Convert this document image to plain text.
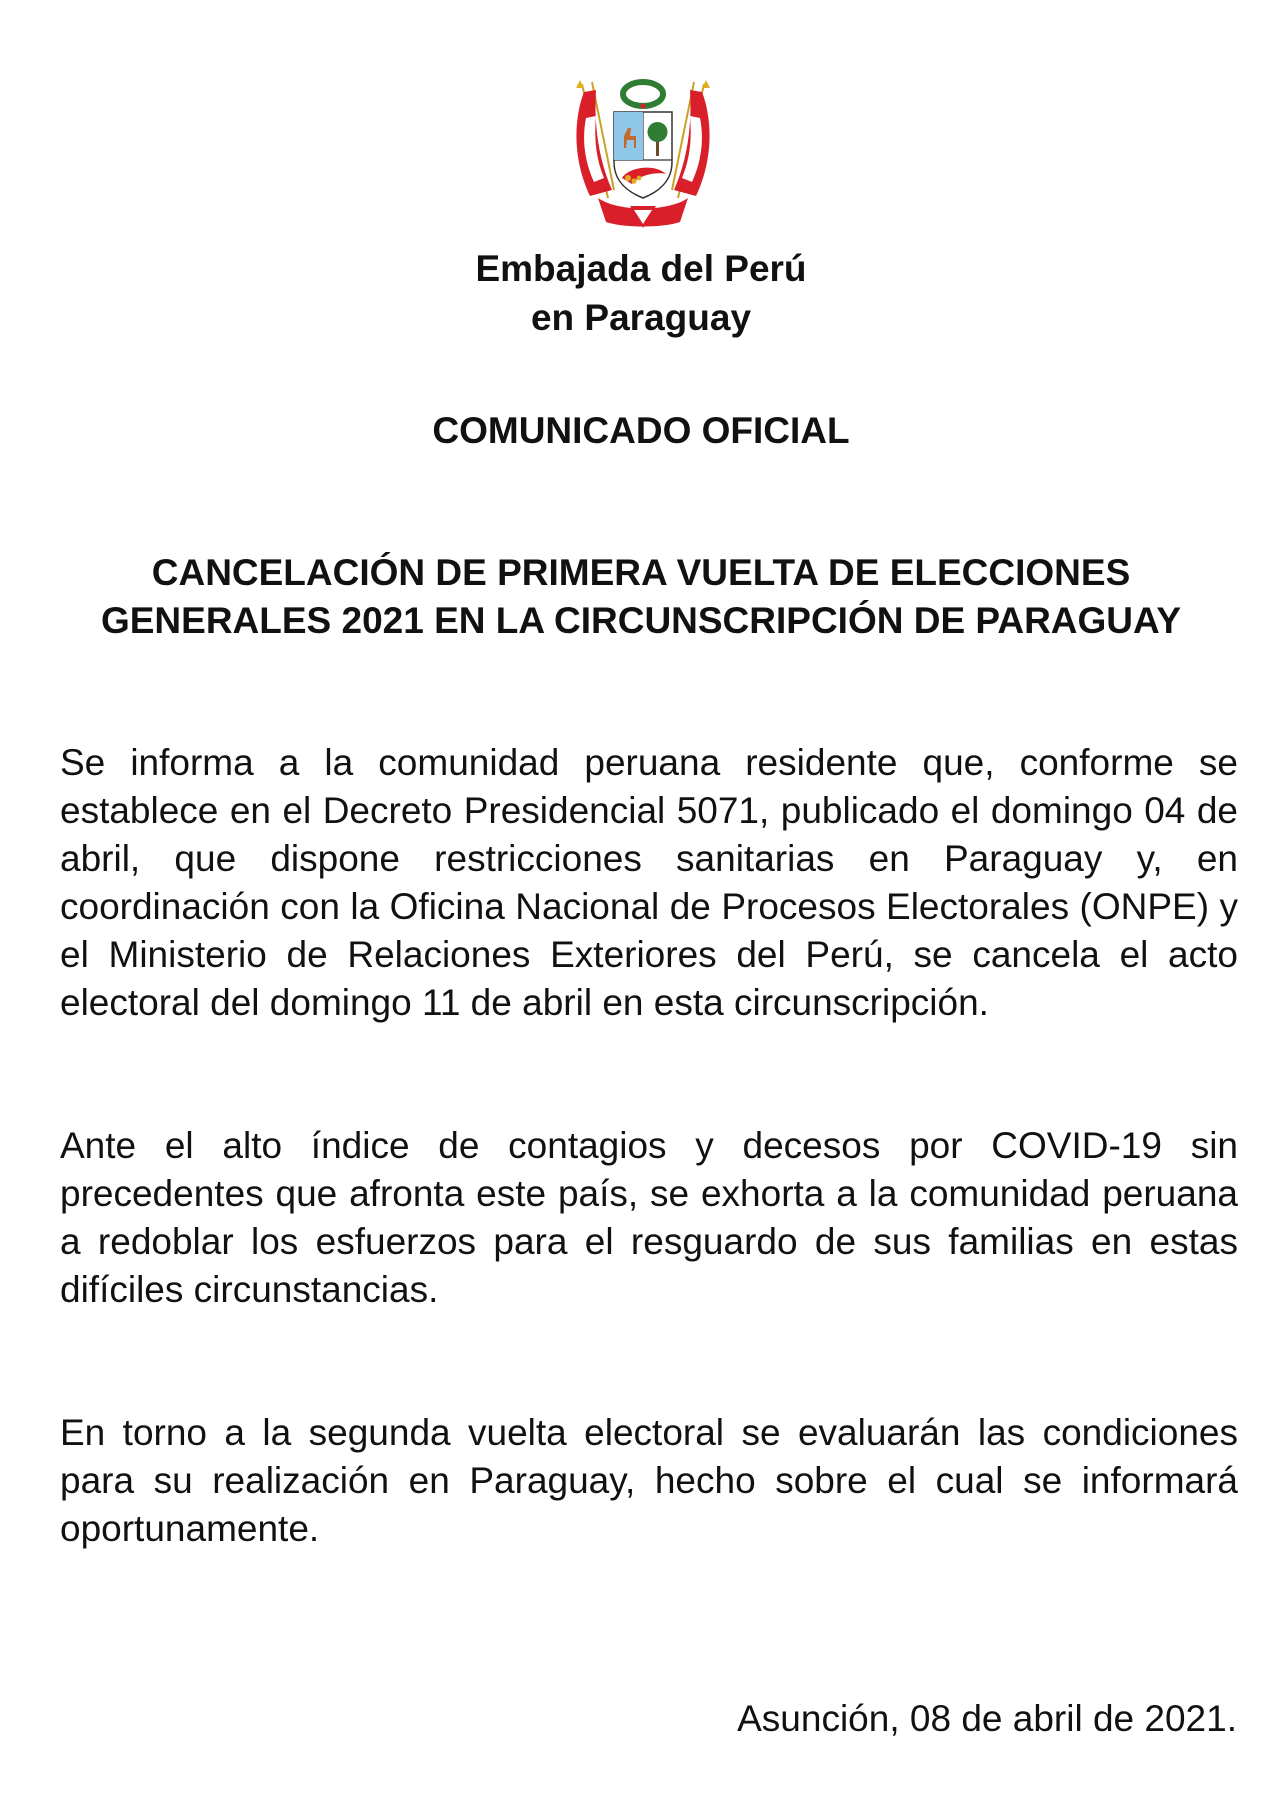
Embajada del Perú
en Paraguay
COMUNICADO OFICIAL
CANCELACIÓN DE PRIMERA VUELTA DE ELECCIONES GENERALES 2021 EN LA CIRCUNSCRIPCIÓN DE PARAGUAY

Se informa a la comunidad peruana residente que, conforme se establece en el Decreto Presidencial 5071, publicado el domingo 04 de abril, que dispone restricciones sanitarias en Paraguay y, en coordinación con la Oficina Nacional de Procesos Electorales (ONPE) y el Ministerio de Relaciones Exteriores del Perú, se cancela el acto electoral del domingo 11 de abril en esta circunscripción.

Ante el alto índice de contagios y decesos por COVID-19 sin precedentes que afronta este país, se exhorta a la comunidad peruana a redoblar los esfuerzos para el resguardo de sus familias en estas difíciles circunstancias.

En torno a la segunda vuelta electoral se evaluarán las condiciones para su realización en Paraguay, hecho sobre el cual se informará oportunamente.

Asunción, 08 de abril de 2021.
